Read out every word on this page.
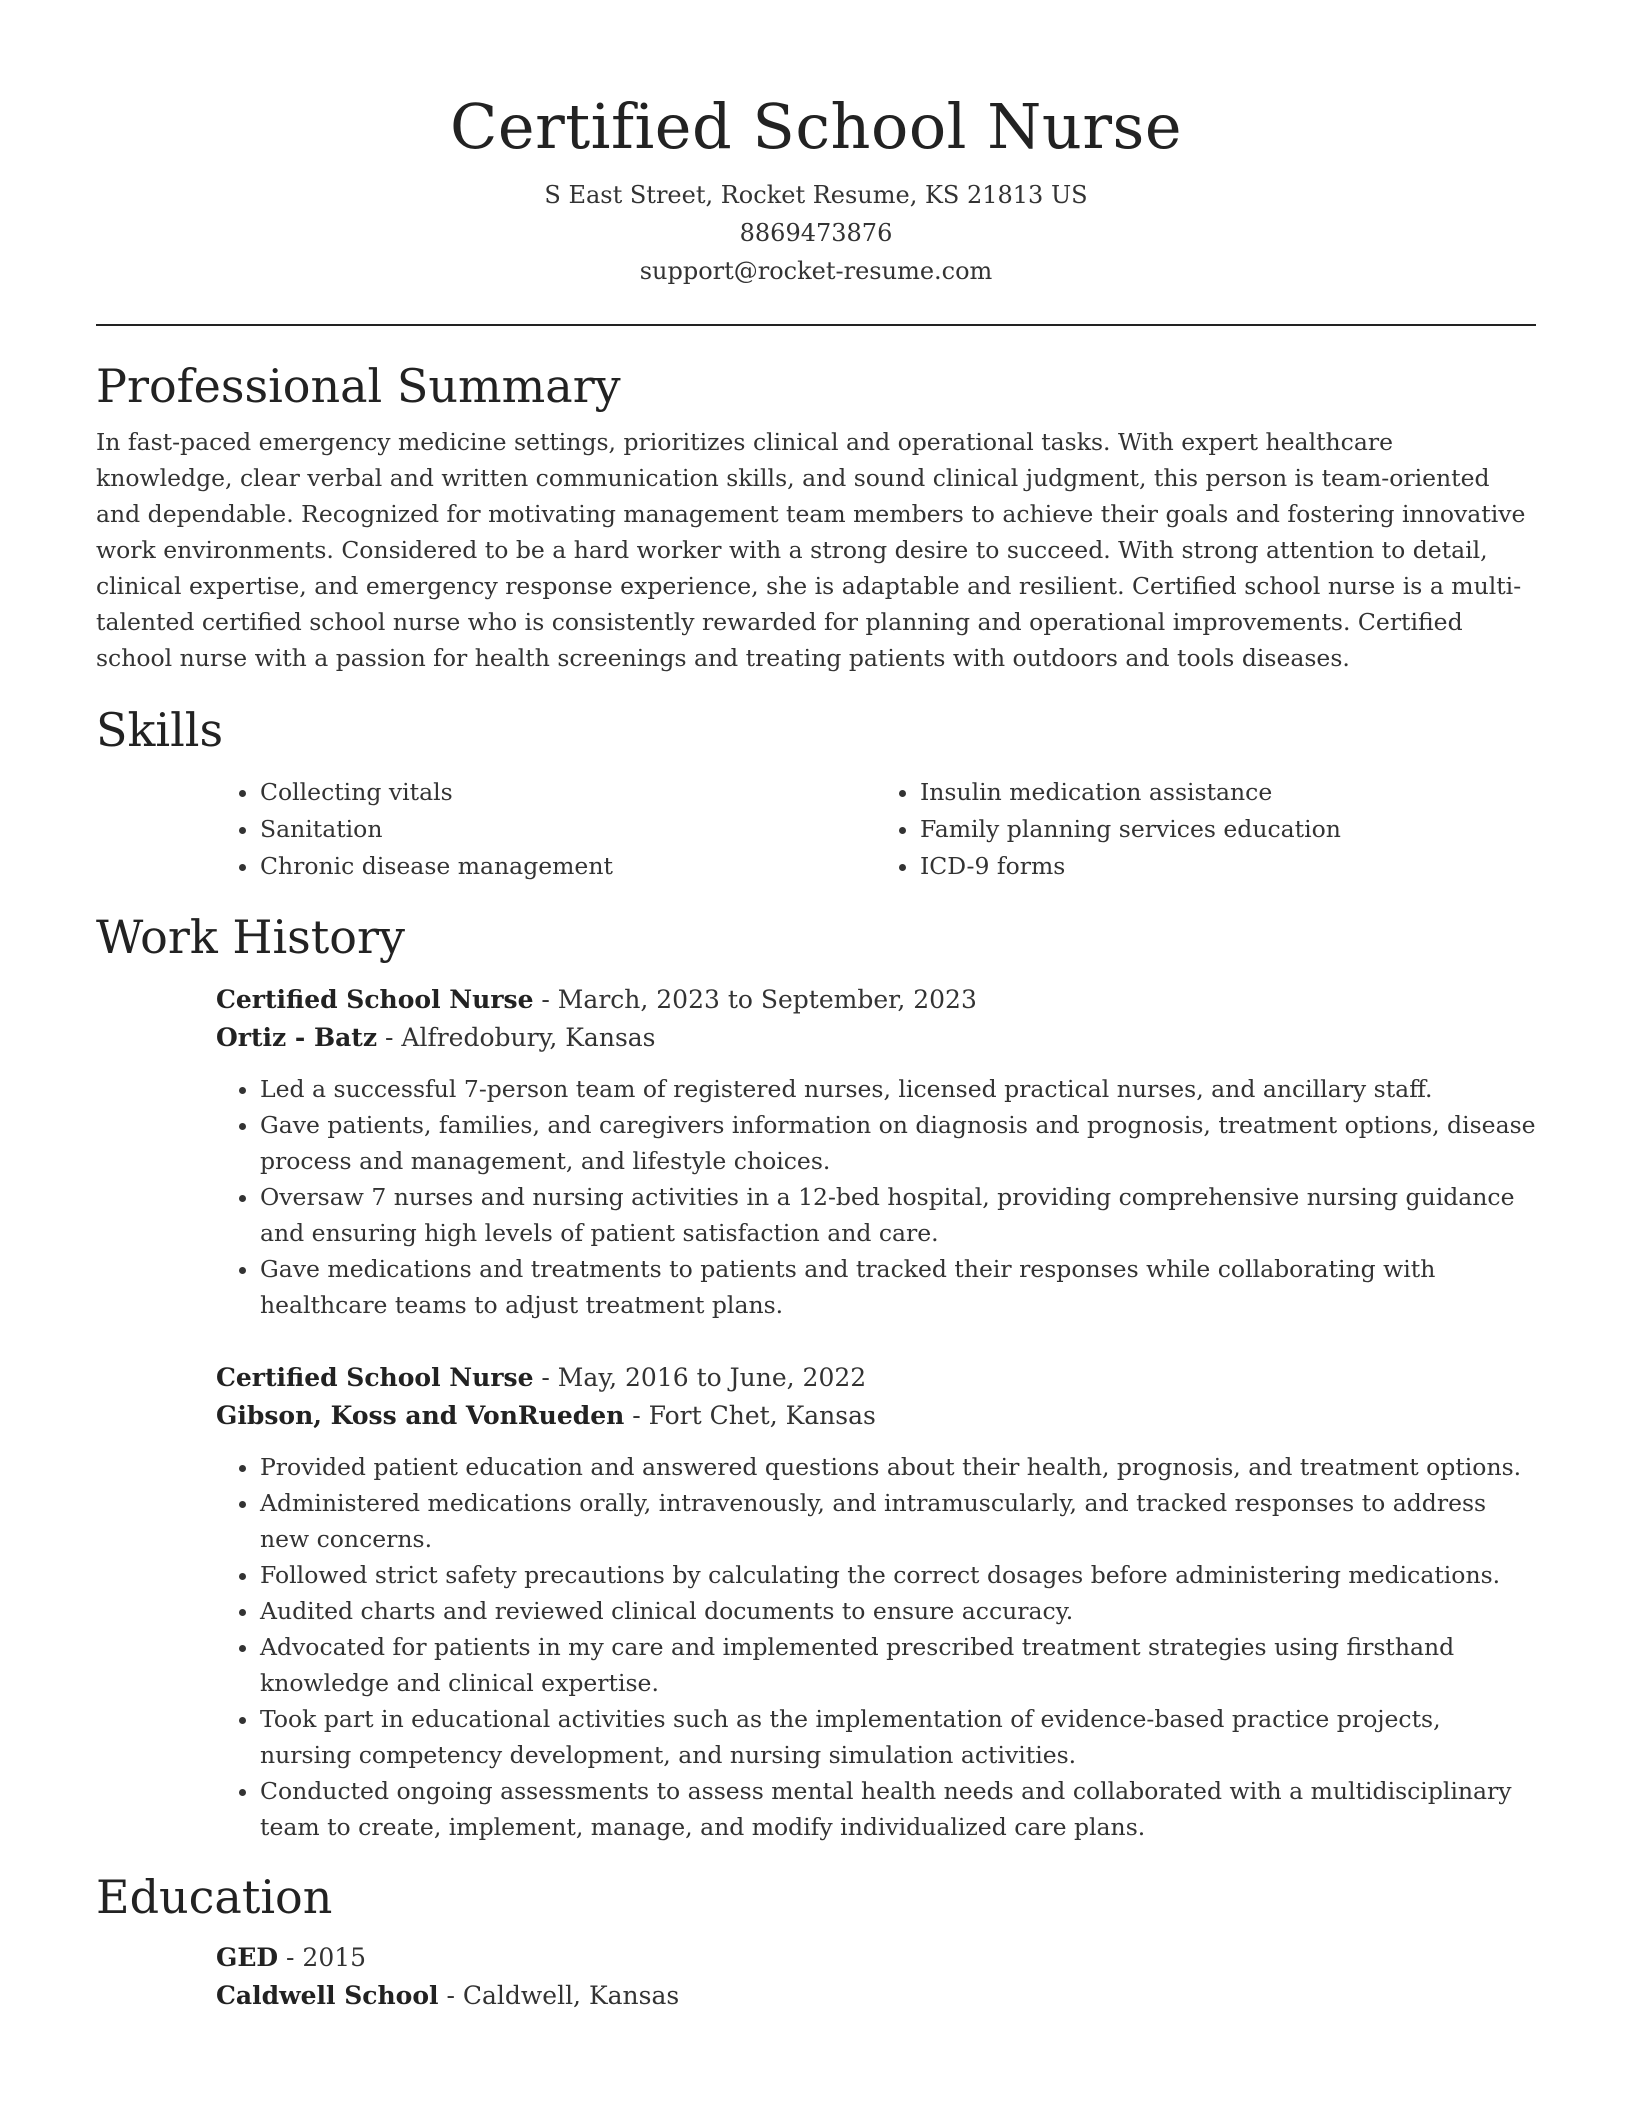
Certified School Nurse
S East Street, Rocket Resume, KS 21813 US
8869473876
support@rocket-resume.com
Professional Summary

In fast-paced emergency medicine settings, prioritizes clinical and operational tasks. With expert healthcare knowledge, clear verbal and written communication skills, and sound clinical judgment, this person is team-oriented and dependable. Recognized for motivating management team members to achieve their goals and fostering innovative work environments. Considered to be a hard worker with a strong desire to succeed. With strong attention to detail, clinical expertise, and emergency response experience, she is adaptable and resilient. Certified school nurse is a multi-talented certified school nurse who is consistently rewarded for planning and operational improvements. Certified school nurse with a passion for health screenings and treating patients with outdoors and tools diseases.

Skills
• Collecting vitals
• Sanitation
• Chronic disease management
• Insulin medication assistance
• Family planning services education
• ICD-9 forms
Work History
Certified School Nurse - March, 2023 to September, 2023
Ortiz - Batz - Alfredobury, Kansas
• Led a successful 7-person team of registered nurses, licensed practical nurses, and ancillary staff.
• Gave patients, families, and caregivers information on diagnosis and prognosis, treatment options, disease process and management, and lifestyle choices.
• Oversaw 7 nurses and nursing activities in a 12-bed hospital, providing comprehensive nursing guidance and ensuring high levels of patient satisfaction and care.
• Gave medications and treatments to patients and tracked their responses while collaborating with healthcare teams to adjust treatment plans.
Certified School Nurse - May, 2016 to June, 2022
Gibson, Koss and VonRueden - Fort Chet, Kansas
• Provided patient education and answered questions about their health, prognosis, and treatment options.
• Administered medications orally, intravenously, and intramuscularly, and tracked responses to address new concerns.
• Followed strict safety precautions by calculating the correct dosages before administering medications.
• Audited charts and reviewed clinical documents to ensure accuracy.
• Advocated for patients in my care and implemented prescribed treatment strategies using firsthand knowledge and clinical expertise.
• Took part in educational activities such as the implementation of evidence-based practice projects, nursing competency development, and nursing simulation activities.
• Conducted ongoing assessments to assess mental health needs and collaborated with a multidisciplinary team to create, implement, manage, and modify individualized care plans.
Education
GED - 2015
Caldwell School - Caldwell, Kansas
